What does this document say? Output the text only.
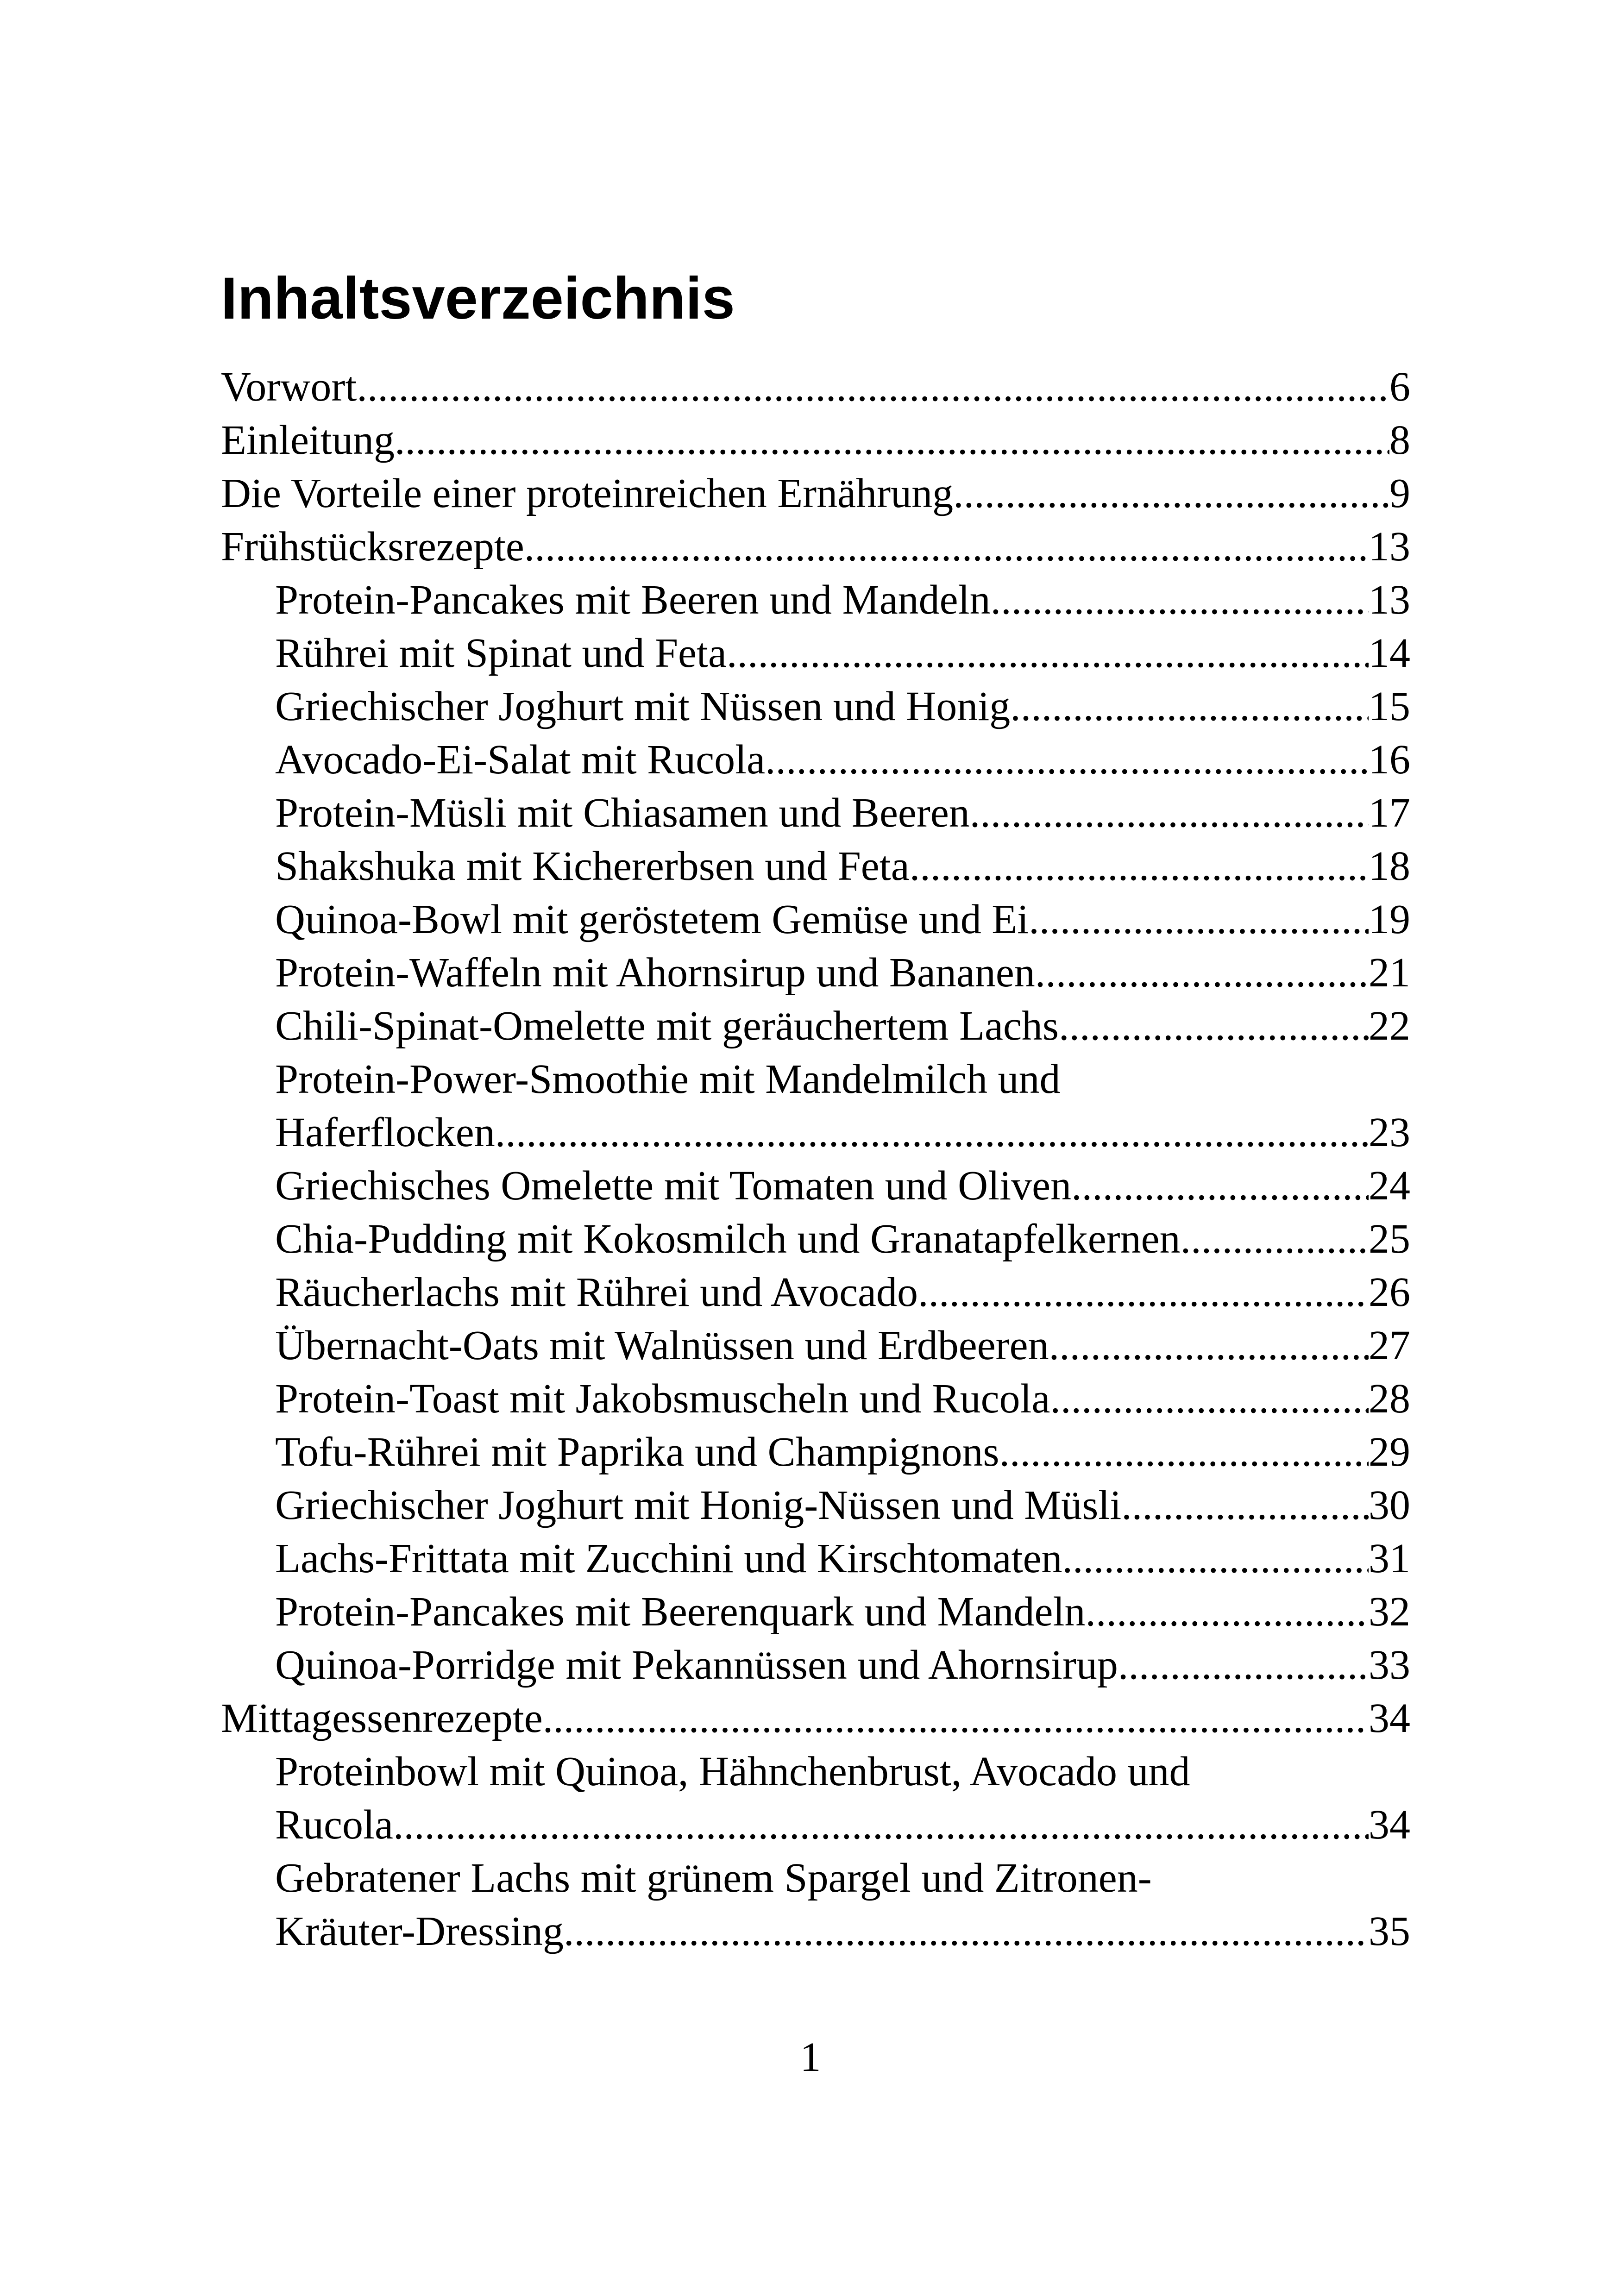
Inhaltsverzeichnis
Vorwort .....	6
Einleitung .....	8
Die Vorteile einer proteinreichen Ernährung .....	9
Frühstücksrezepte .....	13
Protein-Pancakes mit Beeren und Mandeln .....	13
Rührei mit Spinat und Feta .....	14
Griechischer Joghurt mit Nüssen und Honig .....	15
Avocado-Ei-Salat mit Rucola .....	16
Protein-Müsli mit Chiasamen und Beeren .....	17
Shakshuka mit Kichererbsen und Feta .....	18
Quinoa-Bowl mit geröstetem Gemüse und Ei .....	19
Protein-Waffeln mit Ahornsirup und Bananen .....	21
Chili-Spinat-Omelette mit geräuchertem Lachs .....	22
Protein-Power-Smoothie mit Mandelmilch und
Haferflocken .....	23
Griechisches Omelette mit Tomaten und Oliven .....	24
Chia-Pudding mit Kokosmilch und Granatapfelkernen .....	25
Räucherlachs mit Rührei und Avocado .....	26
Übernacht-Oats mit Walnüssen und Erdbeeren .....	27
Protein-Toast mit Jakobsmuscheln und Rucola .....	28
Tofu-Rührei mit Paprika und Champignons .....	29
Griechischer Joghurt mit Honig-Nüssen und Müsli .....	30
Lachs-Frittata mit Zucchini und Kirschtomaten .....	31
Protein-Pancakes mit Beerenquark und Mandeln .....	32
Quinoa-Porridge mit Pekannüssen und Ahornsirup .....	33
Mittagessenrezepte .....	34
Proteinbowl mit Quinoa, Hähnchenbrust, Avocado und
Rucola .....	34
Gebratener Lachs mit grünem Spargel und Zitronen-
Kräuter-Dressing .....	35
1
